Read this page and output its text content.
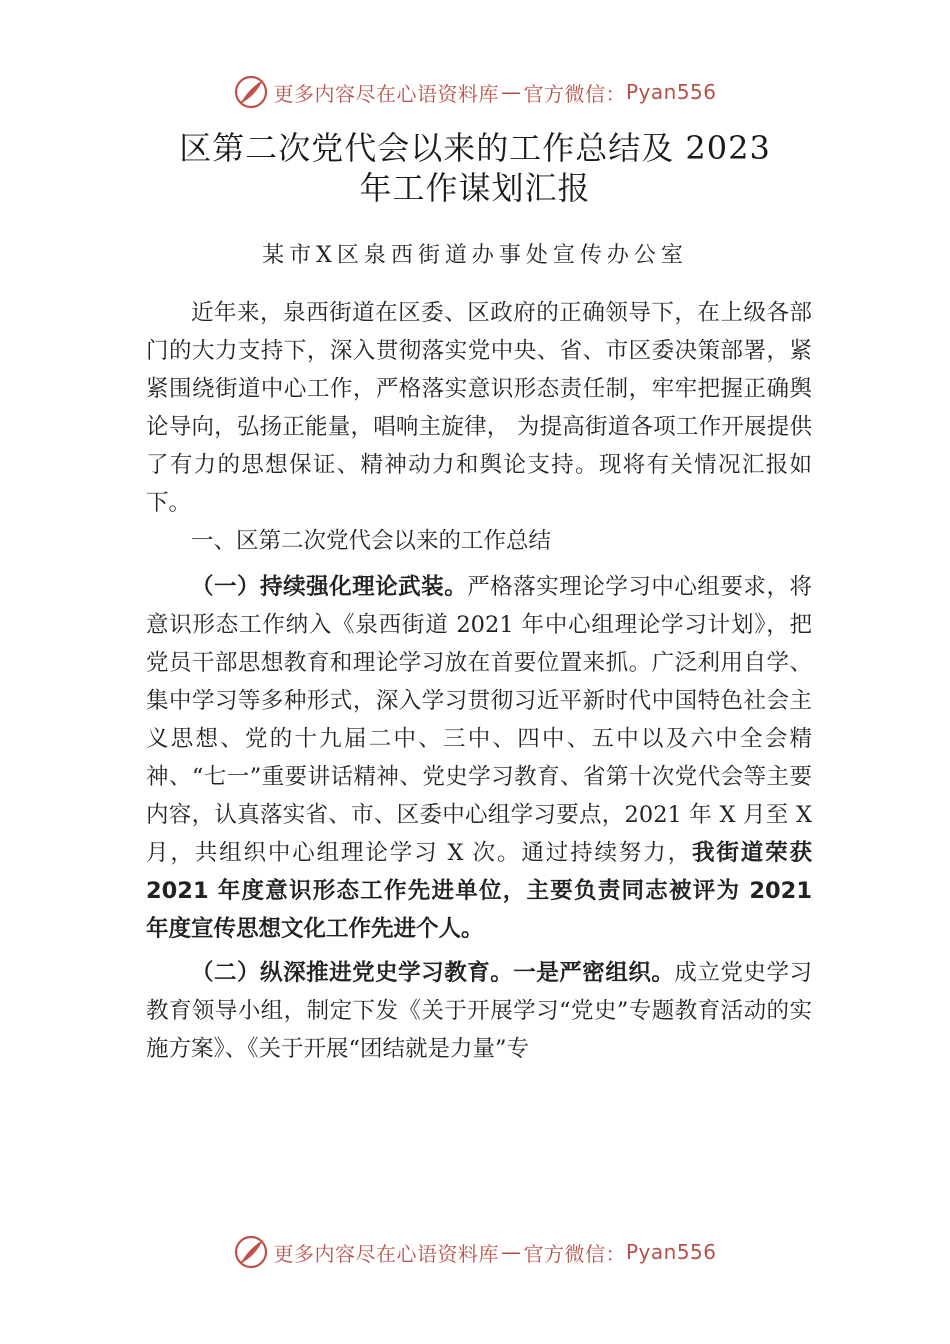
更多内容尽在心语资料库 — 官方微信： Pyan556
区第二次党代会以来的工作总结及 2023
年工作谋划汇报
某市X区泉西街道办事处宣传办公室

近年来，泉西街道在区委、区政府的正确领导下，在上级各部门的大力支持下，深入贯彻落实党中央、省、市区委决策部署，紧紧围绕街道中心工作，严格落实意识形态责任制，牢牢把握正确舆论导向，弘扬正能量，唱响主旋律， 为提高街道各项工作开展提供了有力的思想保证、精神动力和舆论支持。现将有关情况汇报如下。

一、区第二次党代会以来的工作总结

（一）持续强化理论武装。严格落实理论学习中心组要求，将意识形态工作纳入《泉西街道 2021 年中心组理论学习计划》，把党员干部思想教育和理论学习放在首要位置来抓。广泛利用自学、集中学习等多种形式，深入学习贯彻习近平新时代中国特色社会主义思想、党的十九届二中、三中、四中、五中以及六中全会精神、“七一”重要讲话精神、党史学习教育、省第十次党代会等主要内容，认真落实省、市、区委中心组学习要点，2021 年 X 月至 X 月，共组织中心组理论学习 X 次。通过持续努力，我街道荣获 2021 年度意识形态工作先进单位，主要负责同志被评为 2021 年度宣传思想文化工作先进个人。

（二）纵深推进党史学习教育。一是严密组织。成立党史学习教育领导小组，制定下发《关于开展学习“党史”专题教育活动的实施方案》、《关于开展“团结就是力量”专

更多内容尽在心语资料库 — 官方微信： Pyan556
